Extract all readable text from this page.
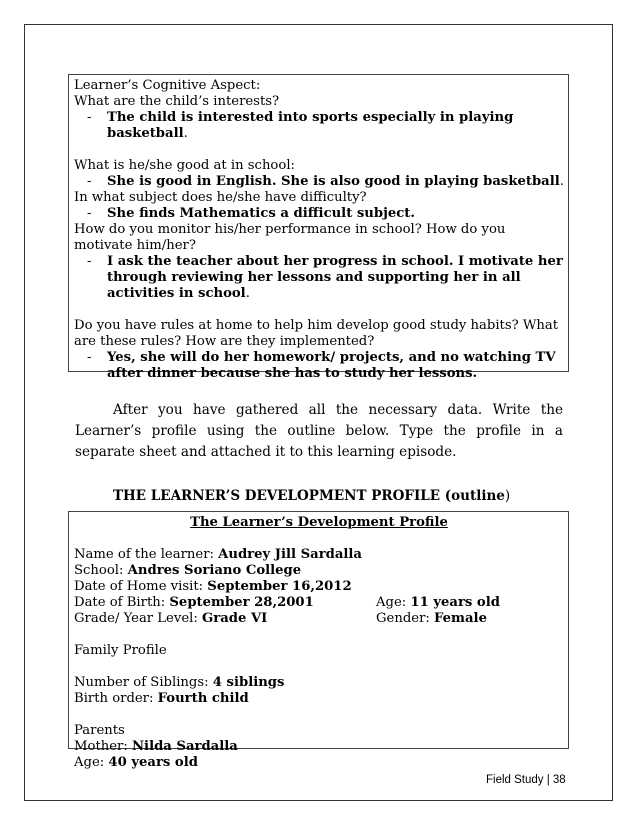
Learner’s Cognitive Aspect:
What are the child’s interests?
-	The child is interested into sports especially in playing basketball.
What is he/she good at in school:
-	She is good in English. She is also good in playing basketball.
In what subject does he/she have difficulty?
-	She finds Mathematics a difficult subject.
How do you monitor his/her performance in school? How do you motivate him/her?
-	I ask the teacher about her progress in school. I motivate her through reviewing her lessons and supporting her in all activities in school.
Do you have rules at home to help him develop good study habits? What are these rules? How are they implemented?
-	Yes, she will do her homework/ projects, and no watching TV after dinner because she has to study her lessons.
After you have gathered all the necessary data. Write the Learner’s profile using the outline below. Type the profile in a separate sheet and attached it to this learning episode.
THE LEARNER’S DEVELOPMENT PROFILE (outline)
The Learner’s Development Profile
Name of the learner: Audrey Jill Sardalla
School: Andres Soriano College
Date of Home visit: September 16,2012
Date of Birth: September 28,2001	Age: 11 years old
Grade/ Year Level: Grade VI	Gender: Female
Family Profile
Number of Siblings: 4 siblings
Birth order: Fourth child
Parents
Mother: Nilda Sardalla
Age: 40 years old
Field Study | 38
